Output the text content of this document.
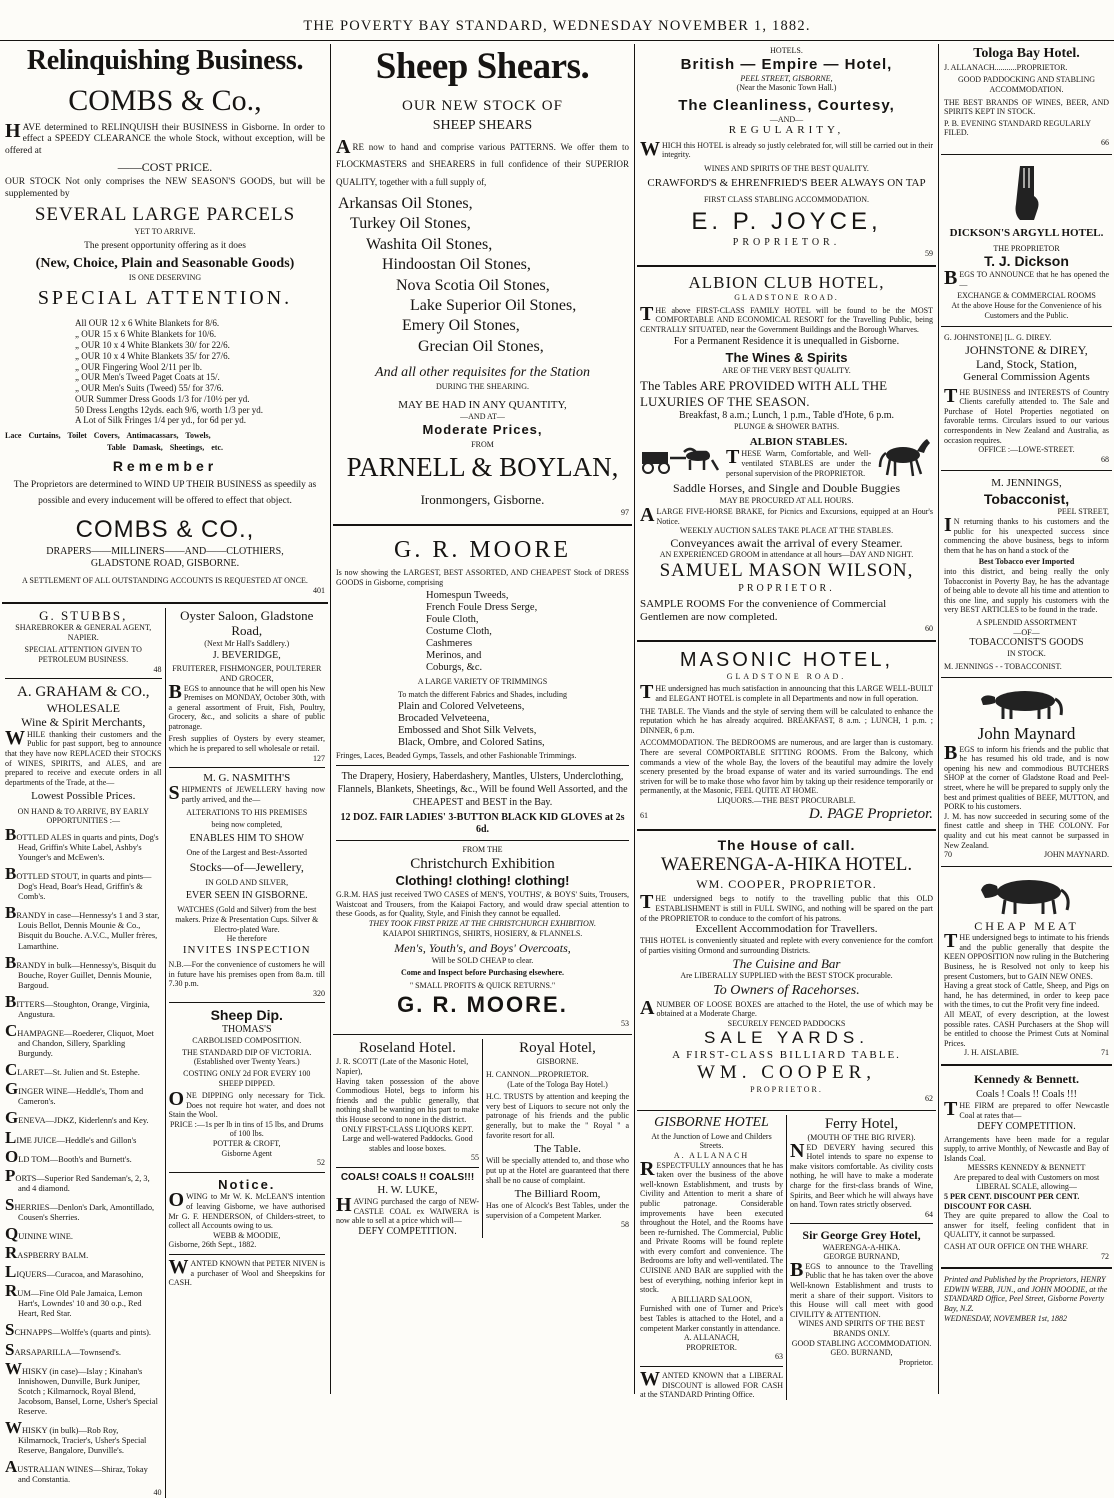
THE POVERTY BAY STANDARD, WEDNESDAY NOVEMBER 1, 1882.
Relinquishing Business.
COMBS & Co.,
HAVE determined to RELINQUISH their BUSINESS in Gisborne. In order to effect a SPEEDY CLEARANCE the whole Stock, without exception, will be offered at
——COST PRICE.
OUR STOCK Not only comprises the NEW SEASON'S GOODS, but will be supplemented by
SEVERAL LARGE PARCELS
YET TO ARRIVE.
The present opportunity offering as it does
(New, Choice, Plain and Seasonable Goods)
IS ONE DESERVING
SPECIAL ATTENTION.
All OUR 12 x 6 White Blankets for 8/6.
„ OUR 15 x 6 White Blankets for 10/6.
„ OUR 10 x 4 White Blankets 30/ for 22/6.
„ OUR 10 x 4 White Blankets 35/ for 27/6.
„ OUR Fingering Wool 2/11 per lb.
„ OUR Men's Tweed Paget Coats at 15/.
„ OUR Men's Suits (Tweed) 55/ for 37/6.
OUR Summer Dress Goods 1/3 for /10½ per yd.
50 Dress Lengths 12yds. each 9/6, worth 1/3 per yd.
A Lot of Silk Fringes 1/4 per yd., for 6d per yd.
Lace Curtains, Toilet Covers, Antimacassars, Towels,
Table Damask, Sheetings, etc.
Remember
The Proprietors are determined to WIND UP THEIR BUSINESS as speedily as possible and every inducement will be offered to effect that object.
COMBS & CO.,
DRAPERS——MILLINERS——AND——CLOTHIERS,
GLADSTONE ROAD, GISBORNE.
A SETTLEMENT OF ALL OUTSTANDING ACCOUNTS IS REQUESTED AT ONCE.
401
G. STUBBS,
SHAREBROKER & GENERAL AGENT, NAPIER.
SPECIAL ATTENTION GIVEN TO PETROLEUM BUSINESS.
48
A. GRAHAM & CO.,
WHOLESALE
Wine & Spirit Merchants,
WHILE thanking their customers and the Public for past support, beg to announce that they have now REPLACED their STOCKS of WINES, SPIRITS, and ALES, and are prepared to receive and execute orders in all departments of the Trade, at the—
Lowest Possible Prices.
ON HAND & TO ARRIVE, BY EARLY OPPORTUNITIES :—
BOTTLED ALES in quarts and pints, Dog's Head, Griffin's White Label, Ashby's Younger's and McEwen's.
BOTTLED STOUT, in quarts and pints— Dog's Head, Boar's Head, Griffin's & Comb's.
BRANDY in case—Hennessy's 1 and 3 star, Louis Bellot, Dennis Mounie & Co., Bisquit du Bouche. A.V.C., Muller frères, Lamarthine.
BRANDY in bulk—Hennessy's, Bisquit du Bouche, Royer Guillet, Dennis Mounie, Bargoud.
BITTERS—Stoughton, Orange, Virginia, Angustura.
CHAMPAGNE—Roederer, Cliquot, Moet and Chandon, Sillery, Sparkling Burgundy.
CLARET—St. Julien and St. Estephe.
GINGER WINE—Heddle's, Thom and Cameron's.
GENEVA—JDKZ, Kiderlenn's and Key.
LIME JUICE—Heddle's and Gillon's
OLD TOM—Booth's and Burnett's.
PORTS—Superior Red Sandeman's, 2, 3, and 4 diamond.
SHERRIES—Denlon's Dark, Amontillado, Cousen's Sherries.
QUININE WINE.
RASPBERRY BALM.
LIQUERS—Curacoa, and Marasohino,
RUM—Fine Old Pale Jamaica, Lemon Hart's, Lowndes' 10 and 30 o.p., Red Heart, Red Star.
SCHNAPPS—Wolffe's (quarts and pints).
SARSAPARILLA—Townsend's.
WHISKY (in case)—Islay ; Kinahan's Innishowen, Dunville, Burk Juniper, Scotch ; Kilmarnock, Royal Blend, Jacobsom, Bansel, Lorne, Usher's Special Reserve.
WHISKY (in bulk)—Rob Roy, Kilmarnock, Tracier's, Usher's Special Reserve, Bangalore, Dunville's.
AUSTRALIAN WINES—Shiraz, Tokay and Constantia.
40
Oyster Saloon, Gladstone Road,
(Next Mr Hall's Saddlery.)
J. BEVERIDGE,
FRUITERER, FISHMONGER, POULTERER AND GROCER,
BEGS to announce that he will open his New Premises on MONDAY, October 30th, with a general assortment of Fruit, Fish, Poultry, Grocery, &c., and solicits a share of public patronage.
Fresh supplies of Oysters by every steamer, which he is prepared to sell wholesale or retail.
127
M. G. NASMITH'S
SHIPMENTS of JEWELLERY having now partly arrived, and the—
ALTERATIONS TO HIS PREMISES
being now completed,
ENABLES HIM TO SHOW
One of the Largest and Best-Assorted
Stocks—of—Jewellery,
IN GOLD AND SILVER,
EVER SEEN IN GISBORNE.
WATCHES (Gold and Silver) from the best makers. Prize & Presentation Cups. Silver & Electro-plated Ware.
He therefore
INVITES INSPECTION
N.B.—For the convenience of customers he will in future have his premises open from 8a.m. till 7.30 p.m.
320
Sheep Dip.
THOMAS'S
CARBOLISED COMPOSITION.
THE STANDARD DIP OF VICTORIA.
(Established over Twenty Years.)
COSTING ONLY 2d FOR EVERY 100
SHEEP DIPPED.
ONE DIPPING only necessary for Tick. Does not require hot water, and does not Stain the Wool.
PRICE :—1s per lb in tins of 15 lbs, and Drums of 100 lbs.
POTTER & CROFT,
Gisborne Agent
52
Notice.
OWING to Mr W. K. McLEAN'S intention of leaving Gisborne, we have authorised Mr G. F. HENDERSON, of Childers-street, to collect all Accounts owing to us.
WEBB & MOODIE,
Gisborne, 26th Sept., 1882.
WANTED KNOWN that PETER NIVEN is a purchaser of Wool and Sheepskins for CASH.
Sheep Shears.
OUR NEW STOCK OF
SHEEP SHEARS
ARE now to hand and comprise various PATTERNS. We offer them to FLOCKMASTERS and SHEARERS in full confidence of their SUPERIOR QUALITY, together with a full supply of,
Arkansas Oil Stones,
Turkey Oil Stones,
Washita Oil Stones,
Hindoostan Oil Stones,
Nova Scotia Oil Stones,
Lake Superior Oil Stones,
Emery Oil Stones,
Grecian Oil Stones,
And all other requisites for the Station
DURING THE SHEARING.
MAY BE HAD IN ANY QUANTITY,
—AND AT—
Moderate Prices,
FROM
PARNELL & BOYLAN,
Ironmongers, Gisborne.
97
G. R. MOORE
Is now showing the LARGEST, BEST ASSORTED, AND CHEAPEST Stock of DRESS GOODS in Gisborne, comprising
Homespun Tweeds,
French Foule Dress Serge,
Foule Cloth,
Costume Cloth,
Cashmeres
Merinos, and
Coburgs, &c.
A LARGE VARIETY OF TRIMMINGS
To match the different Fabrics and Shades, including
Plain and Colored Velveteens,
Brocaded Velveteena,
Embossed and Shot Silk Velvets,
Black, Ombre, and Colored Satins,
Fringes, Laces, Beaded Gymps, Tassels, and other Fashionable Trimmings.
The Drapery, Hosiery, Haberdashery, Mantles, Ulsters, Underclothing, Flannels, Blankets, Sheetings, &c., Will be found Well Assorted, and the CHEAPEST and BEST in the Bay.
12 DOZ. FAIR LADIES' 3-BUTTON BLACK KID GLOVES at 2s 6d.
FROM THE
Christchurch Exhibition
Clothing! clothing! clothing!
G.R.M. HAS just received TWO CASES of MEN'S, YOUTHS', & BOYS' Suits, Trousers, Waistcoat and Trousers, from the Kaiapoi Factory, and would draw special attention to these Goods, as for Quality, Style, and Finish they cannot be equalled.
THEY TOOK FIRST PRIZE AT THE CHRISTCHURCH EXHIBITION.
KAIAPOI SHIRTINGS, SHIRTS, HOSIERY, & FLANNELS.
Men's, Youth's, and Boys' Overcoats,
Will be SOLD CHEAP to clear.
Come and Inspect before Purchasing elsewhere.
" SMALL PROFITS & QUICK RETURNS."
G. R. MOORE.
53
Roseland Hotel.
J. R. SCOTT (Late of the Masonic Hotel, Napier),
Having taken possession of the above Commodious Hotel, begs to inform his friends and the public generally, that nothing shall be wanting on his part to make this House second to none in the district.
ONLY FIRST-CLASS LIQUORS KEPT.
Large and well-watered Paddocks. Good stables and loose boxes.
55
COALS! COALS !! COALS!!!
H. W. LUKE,
HAVING purchased the cargo of NEW-CASTLE COAL ex WAIWERA is now able to sell at a price which will—
DEFY COMPETITION.
Royal Hotel,
GISBORNE.
H. CANNON....PROPRIETOR.
(Late of the Tologa Bay Hotel.)
H.C. TRUSTS by attention and keeping the very best of Liquors to secure not only the patronage of his friends and the public generally, but to make the " Royal " a favorite resort for all.
The Table.
Will be specially attended to, and those who put up at the Hotel are guaranteed that there shall be no cause of complaint.
The Billiard Room,
Has one of Alcock's Best Tables, under the supervision of a Competent Marker.
58
HOTELS.
British — Empire — Hotel,
PEEL STREET, GISBORNE,
(Near the Masonic Town Hall.)
The Cleanliness, Courtesy,
—AND—
REGULARITY,
WHICH this HOTEL is already so justly celebrated for, will still be carried out in their integrity.
WINES AND SPIRITS OF THE BEST QUALITY.
CRAWFORD'S & EHRENFRIED'S BEER ALWAYS ON TAP
FIRST CLASS STABLING ACCOMMODATION.
E. P. JOYCE,
PROPRIETOR.
59
ALBION CLUB HOTEL,
GLADSTONE ROAD.
THE above FIRST-CLASS FAMILY HOTEL will be found to be the MOST COMFORTABLE AND ECONOMICAL RESORT for the Travelling Public, being CENTRALLY SITUATED, near the Government Buildings and the Borough Wharves.
For a Permanent Residence it is unequalled in Gisborne.
The Wines & Spirits
ARE OF THE VERY BEST QUALITY.
The Tables ARE PROVIDED WITH ALL THE LUXURIES OF THE SEASON.
Breakfast, 8 a.m.; Lunch, 1 p.m., Table d'Hote, 6 p.m.
PLUNGE & SHOWER BATHS.
ALBION STABLES.
THESE Warm, Comfortable, and Well-ventilated STABLES are under the personal supervision of the PROPRIETOR.
Saddle Horses, and Single and Double Buggies
MAY BE PROCURED AT ALL HOURS.
ALARGE FIVE-HORSE BRAKE, for Picnics and Excursions, equipped at an Hour's Notice.
WEEKLY AUCTION SALES TAKE PLACE AT THE STABLES.
Conveyances await the arrival of every Steamer.
AN EXPERIENCED GROOM in attendance at all hours—DAY AND NIGHT.
SAMUEL MASON WILSON,
PROPRIETOR.
SAMPLE ROOMS For the convenience of Commercial Gentlemen are now completed.
60
MASONIC HOTEL,
GLADSTONE ROAD.
THE undersigned has much satisfaction in announcing that this LARGE WELL-BUILT and ELEGANT HOTEL is complete in all Departments and now in full operation.
THE TABLE. The Viands and the style of serving them will be calculated to enhance the reputation which he has already acquired. BREAKFAST, 8 a.m. ; LUNCH, 1 p.m. ; DINNER, 6 p.m.
ACCOMMODATION. The BEDROOMS are numerous, and are larger than is customary. There are several COMPORTABLE SITTING ROOMS. From the Balcony, which commands a view of the whole Bay, the lovers of the beautiful may admire the lovely scenery presented by the broad expanse of water and its varied surroundings. The end striven for will be to make those who favor him by taking up their residence temporarily or permanently, at the Masonic, FEEL QUITE AT HOME.
LIQUORS.—THE BEST PROCURABLE.
61	D. PAGE Proprietor.
The House of call.
WAERENGA-A-HIKA HOTEL.
WM. COOPER, PROPRIETOR.
THE undersigned begs to notify to the travelling public that this OLD ESTABLISHMENT is still in FULL SWING, and nothing will be spared on the part of the PROPRIETOR to conduce to the comfort of his patrons.
Excellent Accommodation for Travellers.
THIS HOTEL is conveniently situated and replete with every convenience for the comfort of parties visiting Ormond and surrounding Districts.
The Cuisine and Bar
Are LIBERALLY SUPPLIED with the BEST STOCK procurable.
To Owners of Racehorses.
ANUMBER OF LOOSE BOXES are attached to the Hotel, the use of which may be obtained at a Moderate Charge.
SECURELY FENCED PADDOCKS
SALE YARDS.
A FIRST-CLASS BILLIARD TABLE.
WM. COOPER,
PROPRIETOR.
62
GISBORNE HOTEL
At the Junction of Lowe and Childers Streets.
A. ALLANACH
RESPECTFULLY announces that he has taken over the business of the above well-known Establishment, and trusts by Civility and Attention to merit a share of public patronage. Considerable improvements have been executed throughout the Hotel, and the Rooms have been re-furnished. The Commercial, Public and Private Rooms will be found replete with every comfort and convenience. The Bedrooms are lofty and well-ventilated. The CUISINE AND BAR are supplied with the best of everything, nothing inferior kept in stock.
A BILLIARD SALOON,
Furnished with one of Turner and Price's best Tables is attached to the Hotel, and a competent Marker constantly in attendance.
A. ALLANACH,
PROPRIETOR.
63
WANTED KNOWN that a LIBERAL DISCOUNT is allowed FOR CASH at the STANDARD Printing Office.
Ferry Hotel,
(MOUTH OF THE BIG RIVER).
NED DEVERY having secured this Hotel intends to spare no expense to make visitors comfortable. As civility costs nothing, he will have to make a moderate charge for the first-class brands of Wine, Spirits, and Beer which he will always have on hand. Town rates strictly observed.
64
Sir George Grey Hotel,
WAERENGA-A-HIKA.
GEORGE BURNAND,
BEGS to announce to the Travelling Public that he has taken over the above Well-known Establishment and trusts to merit a share of their support. Visitors to this House will call meet with good CIVILITY & ATTENTION.
WINES AND SPIRITS OF THE BEST BRANDS ONLY.
GOOD STABLING ACCOMMODATION.
GEO. BURNAND,
Proprietor.
Tologa Bay Hotel.
J. ALLANACH...........PROPRIETOR.
GOOD PADDOCKING AND STABLING ACCOMMODATION.
THE BEST BRANDS OF WINES, BEER, AND SPIRITS KEPT IN STOCK.
P. B. EVENING STANDARD REGULARLY FILED.
66
DICKSON'S ARGYLL HOTEL.
THE PROPRIETOR
T. J. Dickson
BEGS TO ANNOUNCE that he has opened the—
EXCHANGE & COMMERCIAL ROOMS
At the above House for the Convenience of his Customers and the Public.
G. JOHNSTONE] [L. G. DIREY.
JOHNSTONE & DIREY,
Land, Stock, Station,
General Commission Agents
THE BUSINESS and INTERESTS of Country Clients carefully attended to. The Sale and Purchase of Hotel Properties negotiated on favorable terms. Circulars issued to our various correspondents in New Zealand and Australia, as occasion requires.
OFFICE :—LOWE-STREET.
68
M. JENNINGS,
Tobacconist,
PEEL STREET,
IN returning thanks to his customers and the public for his unexpected success since commencing the above business, begs to inform them that he has on hand a stock of the
Best Tobacco ever Imported
into this district, and being really the only Tobacconist in Poverty Bay, he has the advantage of being able to devote all his time and attention to this one line, and supply his customers with the very BEST ARTICLES to be found in the trade.
A SPLENDID ASSORTMENT
—OF—
TOBACCONIST'S GOODS
IN STOCK.
M. JENNINGS - - TOBACCONIST.
John Maynard
BEGS to inform his friends and the public that he has resumed his old trade, and is now opening his new and commodious BUTCHERS SHOP at the corner of Gladstone Road and Peel-street, where he will be prepared to supply only the best and primest qualities of BEEF, MUTTON, and PORK to his customers.
J. M. has now succeeded in securing some of the finest cattle and sheep in THE COLONY. For quality and cut his meat cannot be surpassed in New Zealand.
70	JOHN MAYNARD.
CHEAP MEAT
THE undersigned begs to intimate to his friends and the public generally that despite the KEEN OPPOSITION now ruling in the Butchering Business, he is Resolved not only to keep his present Customers, but to GAIN NEW ONES.
Having a great stock of Cattle, Sheep, and Pigs on hand, he has determined, in order to keep pace with the times, to cut the Profit very fine indeed.
All MEAT, of every description, at the lowest possible rates. CASH Purchasers at the Shop will be entitled to choose the Primest Cuts at Nominal Prices.
J. H. AISLABIE.	71
Kennedy & Bennett.
Coals ! Coals !! Coals !!!
THE FIRM are prepared to offer Newcastle Coal at rates that—
DEFY COMPETITION.
Arrangements have been made for a regular supply, to arrive Monthly, of Newcastle and Bay of Islands Coal.
MESSRS KENNEDY & BENNETT
Are prepared to deal with Customers on most LIBERAL SCALE, allowing—
5 PER CENT. DISCOUNT PER CENT. DISCOUNT FOR CASH.
They are quite prepared to allow the Coal to answer for itself, feeling confident that in QUALITY, it cannot be surpassed.
CASH AT OUR OFFICE ON THE WHARF.
72
Printed and Published by the Proprietors, HENRY EDWIN WEBB, JUN., and JOHN MOODIE, at the STANDARD Office, Peel Street, Gisborne Poverty Bay, N.Z.
WEDNESDAY, NOVEMBER 1st, 1882
